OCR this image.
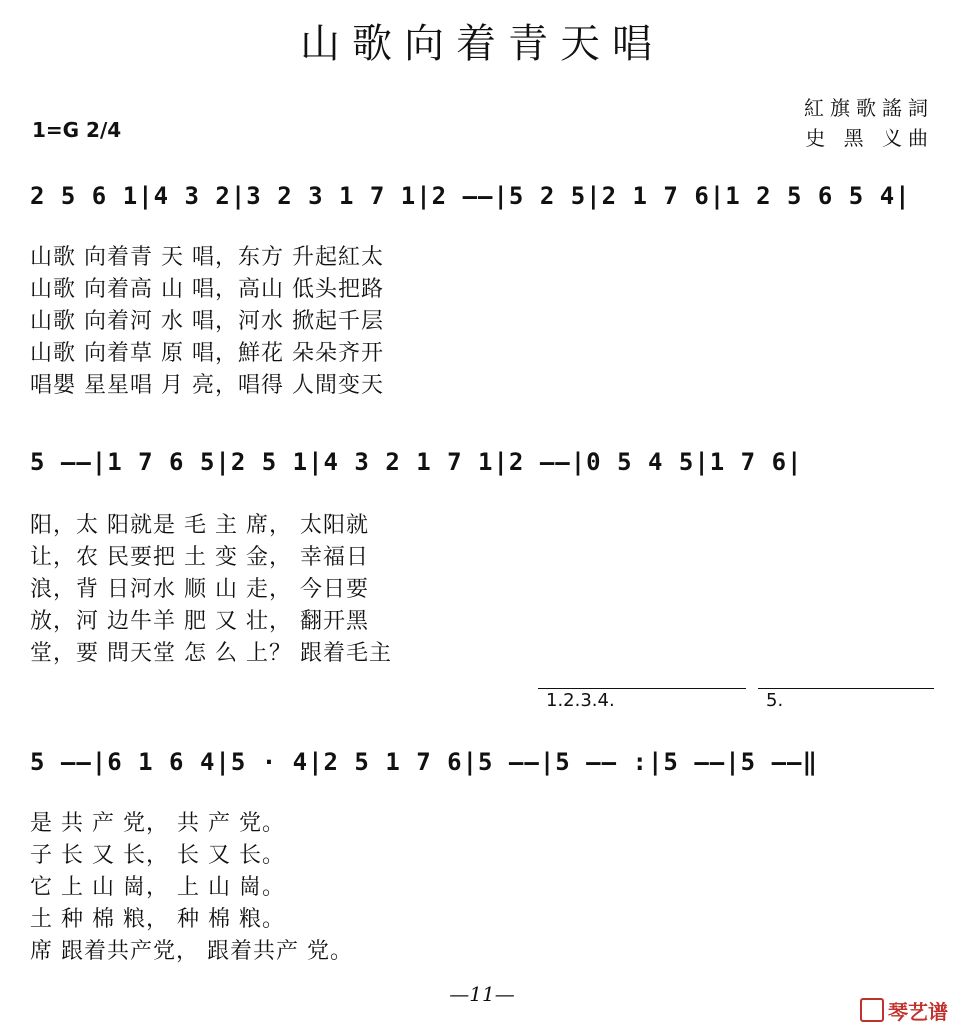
山歌向着青天唱
紅旗歌謠詞
史 黑 义曲
1=G 2/4
2 5 6 1|4 3 2|3 2 3 1 7 1|2 ——|5 2 5|2 1 7 6|1 2 5 6 5 4|
山歌 向着青 天 唱，东方 升起紅太
山歌 向着高 山 唱，高山 低头把路
山歌 向着河 水 唱，河水 掀起千层
山歌 向着草 原 唱，鮮花 朵朵齐开
唱嬰 星星唱 月 亮，唱得 人間变天
5 ——|1 7 6 5|2 5 1|4 3 2 1 7 1|2 ——|0 5 4 5|1 7 6|
阳，太 阳就是 毛 主 席， 太阳就
让，农 民要把 土 变 金， 幸福日
浪，背 日河水 顺 山 走， 今日要
放，河 边牛羊 肥 又 壮， 翻开黑
堂，要 問天堂 怎 么 上？ 跟着毛主
1.2.3.4.	5.
5 ——|6 1 6 4|5 · 4|2 5 1 7 6|5 ——|5 —— :|5 ——|5 ——‖
是 共 产 党， 共 产 党。
子 长 又 长， 长 又 长。
它 上 山 崗， 上 山 崗。
土 种 棉 粮， 种 棉 粮。
席 跟着共产党， 跟着共产 党。
—11—
琴艺谱
